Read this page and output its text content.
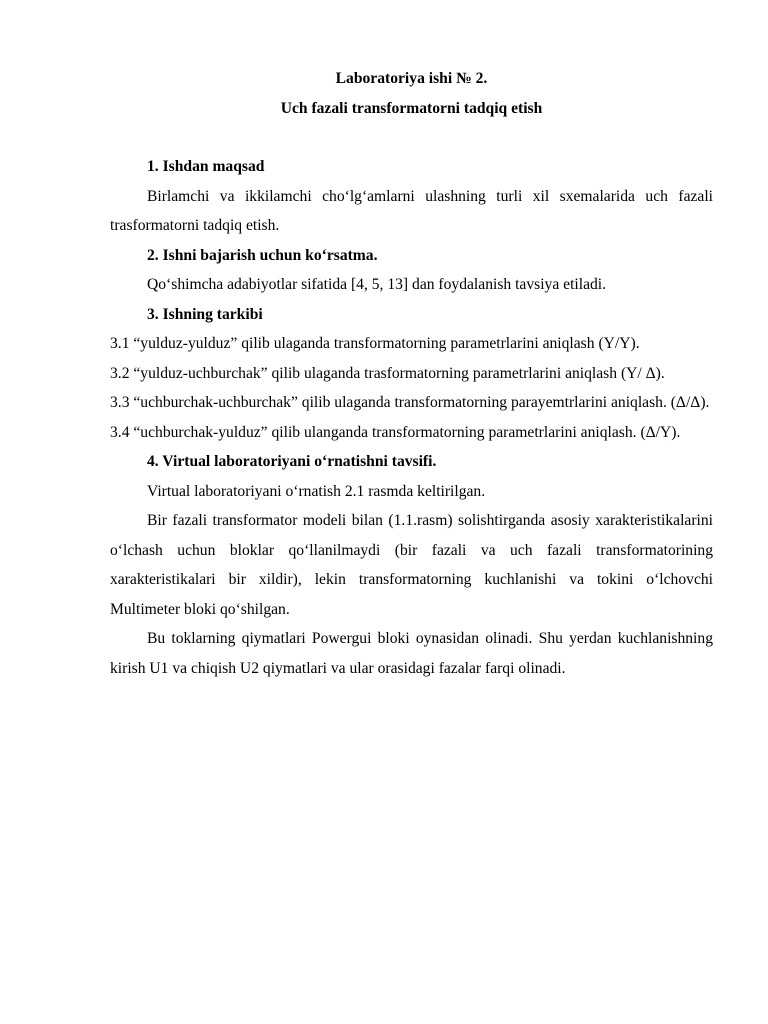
Laboratoriya ishi № 2.
Uch fazali transformatorni tadqiq etish

1. Ishdan maqsad

Birlamchi va ikkilamchi cho‘lg‘amlarni ulashning turli xil sxemalarida uch fazali trasformatorni tadqiq etish.

2. Ishni bajarish uchun ko‘rsatma.

Qo‘shimcha adabiyotlar sifatida [4, 5, 13] dan foydalanish tavsiya etiladi.

3. Ishning tarkibi

3.1 “yulduz-yulduz” qilib ulaganda transformatorning parametrlarini aniqlash (Y/Y).

3.2 “yulduz-uchburchak” qilib ulaganda trasformatorning parametrlarini aniqlash (Y/ Δ).

3.3 “uchburchak-uchburchak” qilib ulaganda transformatorning parayemtrlarini aniqlash. (Δ/Δ).

3.4 “uchburchak-yulduz” qilib ulanganda transformatorning parametrlarini aniqlash. (Δ/Y).

4. Virtual laboratoriyani o‘rnatishni tavsifi.

Virtual laboratoriyani o‘rnatish 2.1 rasmda keltirilgan.

Bir fazali transformator modeli bilan (1.1.rasm) solishtirganda asosiy xarakteristikalarini o‘lchash uchun bloklar qo‘llanilmaydi (bir fazali va uch fazali transformatorining xarakteristikalari bir xildir), lekin transformatorning kuchlanishi va tokini o‘lchovchi Multimeter bloki qo‘shilgan.

Bu toklarning qiymatlari Powergui bloki oynasidan olinadi. Shu yerdan kuchlanishning kirish U1 va chiqish U2 qiymatlari va ular orasidagi fazalar farqi olinadi.
